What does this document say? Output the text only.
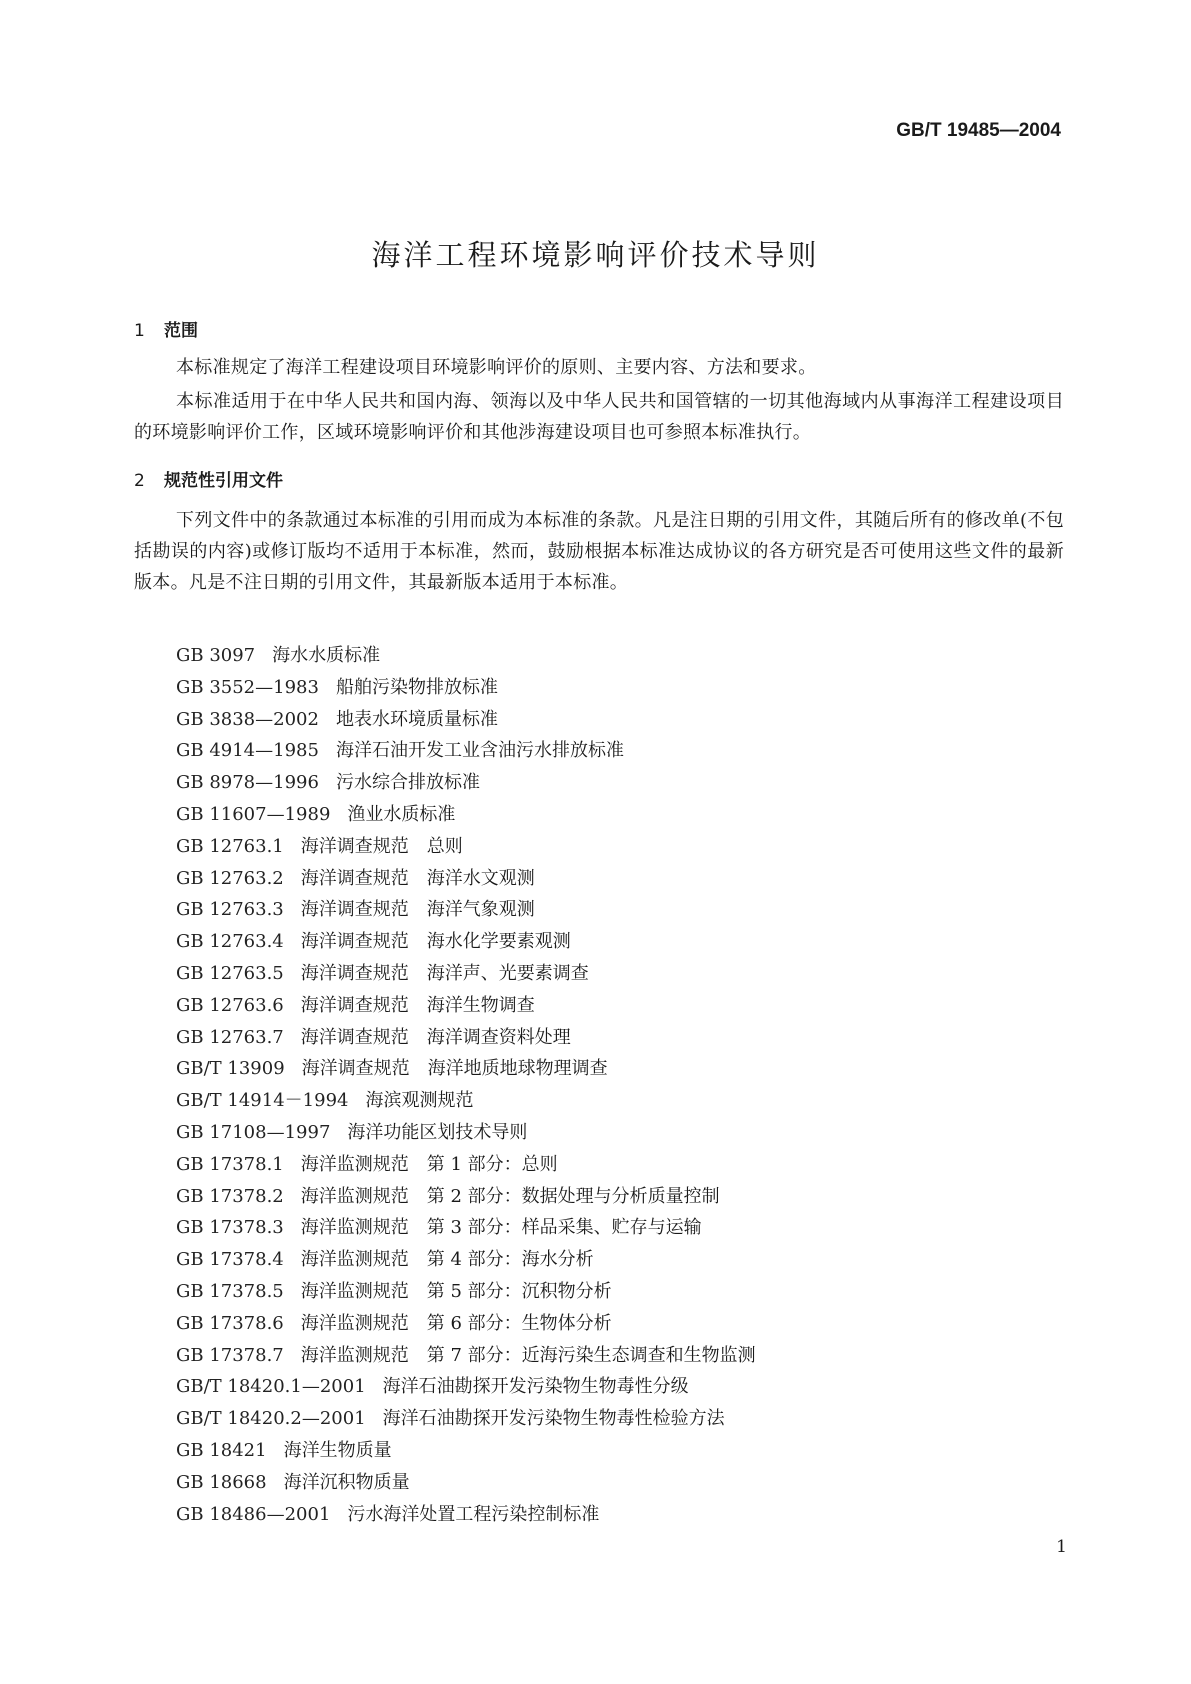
GB/T 19485—2004
海洋工程环境影响评价技术导则
1 范围
本标准规定了海洋工程建设项目环境影响评价的原则、主要内容、方法和要求。
本标准适用于在中华人民共和国内海、领海以及中华人民共和国管辖的一切其他海域内从事海洋工程建设项目的环境影响评价工作，区域环境影响评价和其他涉海建设项目也可参照本标准执行。
2 规范性引用文件
下列文件中的条款通过本标准的引用而成为本标准的条款。凡是注日期的引用文件，其随后所有的修改单(不包括勘误的内容)或修订版均不适用于本标准，然而，鼓励根据本标准达成协议的各方研究是否可使用这些文件的最新版本。凡是不注日期的引用文件，其最新版本适用于本标准。
GB 3097 海水水质标准
GB 3552—1983 船舶污染物排放标准
GB 3838—2002 地表水环境质量标准
GB 4914—1985 海洋石油开发工业含油污水排放标准
GB 8978—1996 污水综合排放标准
GB 11607—1989 渔业水质标准
GB 12763.1 海洋调查规范　总则
GB 12763.2 海洋调查规范　海洋水文观测
GB 12763.3 海洋调查规范　海洋气象观测
GB 12763.4 海洋调查规范　海水化学要素观测
GB 12763.5 海洋调查规范　海洋声、光要素调查
GB 12763.6 海洋调查规范　海洋生物调查
GB 12763.7 海洋调查规范　海洋调查资料处理
GB/T 13909 海洋调查规范　海洋地质地球物理调查
GB/T 14914－1994 海滨观测规范
GB 17108—1997 海洋功能区划技术导则
GB 17378.1 海洋监测规范　第 1 部分：总则
GB 17378.2 海洋监测规范　第 2 部分：数据处理与分析质量控制
GB 17378.3 海洋监测规范　第 3 部分：样品采集、贮存与运输
GB 17378.4 海洋监测规范　第 4 部分：海水分析
GB 17378.5 海洋监测规范　第 5 部分：沉积物分析
GB 17378.6 海洋监测规范　第 6 部分：生物体分析
GB 17378.7 海洋监测规范　第 7 部分：近海污染生态调查和生物监测
GB/T 18420.1—2001 海洋石油勘探开发污染物生物毒性分级
GB/T 18420.2—2001 海洋石油勘探开发污染物生物毒性检验方法
GB 18421 海洋生物质量
GB 18668 海洋沉积物质量
GB 18486—2001 污水海洋处置工程污染控制标准
1
